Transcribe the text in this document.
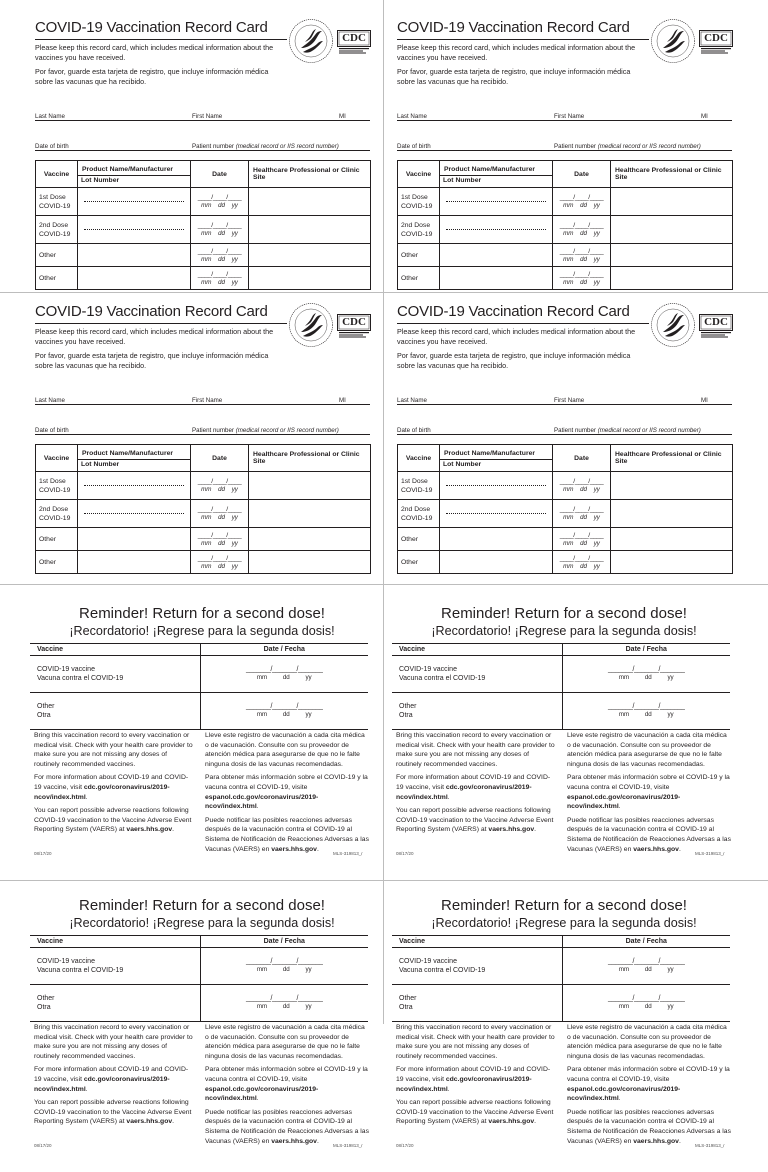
COVID-19 Vaccination Record Card
Please keep this record card, which includes medical information about the vaccines you have received.
Por favor, guarde esta tarjeta de registro, que incluye información médica sobre las vacunas que ha recibido.
CDC
Last Name	First Name	MI
Date of birth	Patient number (medical record or IIS record number)
Vaccine	Product Name/Manufacturer
Lot Number	Date	Healthcare Professional or Clinic Site

1st Dose
COVID-19		____/____/____
mm dd yy	

2nd Dose
COVID-19		____/____/____
mm dd yy	

Other		____/____/____
mm dd yy	

Other		____/____/____
mm dd yy	

COVID-19 Vaccination Record Card
Please keep this record card, which includes medical information about the vaccines you have received.
Por favor, guarde esta tarjeta de registro, que incluye información médica sobre las vacunas que ha recibido.
CDC
Last Name	First Name	MI
Date of birth	Patient number (medical record or IIS record number)
Vaccine	Product Name/Manufacturer
Lot Number	Date	Healthcare Professional or Clinic Site

1st Dose
COVID-19		____/____/____
mm dd yy	

2nd Dose
COVID-19		____/____/____
mm dd yy	

Other		____/____/____
mm dd yy	

Other		____/____/____
mm dd yy	

COVID-19 Vaccination Record Card
Please keep this record card, which includes medical information about the vaccines you have received.
Por favor, guarde esta tarjeta de registro, que incluye información médica sobre las vacunas que ha recibido.
CDC
Last Name	First Name	MI
Date of birth	Patient number (medical record or IIS record number)
Vaccine	Product Name/Manufacturer
Lot Number	Date	Healthcare Professional or Clinic Site

1st Dose
COVID-19		____/____/____
mm dd yy	

2nd Dose
COVID-19		____/____/____
mm dd yy	

Other		____/____/____
mm dd yy	

Other		____/____/____
mm dd yy	

COVID-19 Vaccination Record Card
Please keep this record card, which includes medical information about the vaccines you have received.
Por favor, guarde esta tarjeta de registro, que incluye información médica sobre las vacunas que ha recibido.
CDC
Last Name	First Name	MI
Date of birth	Patient number (medical record or IIS record number)
Vaccine	Product Name/Manufacturer
Lot Number	Date	Healthcare Professional or Clinic Site

1st Dose
COVID-19		____/____/____
mm dd yy	

2nd Dose
COVID-19		____/____/____
mm dd yy	

Other		____/____/____
mm dd yy	

Other		____/____/____
mm dd yy	

Reminder! Return for a second dose!
¡Recordatorio! ¡Regrese para la segunda dosis!
Vaccine	Date / Fecha

COVID-19 vaccine
Vacuna contra el COVID-19	_______/_______/_______
mm dd yy

Other
Otra	_______/_______/_______
mm dd yy

Bring this vaccination record to every vaccination or medical visit. Check with your health care provider to make sure you are not missing any doses of routinely recommended vaccines.

For more information about COVID-19 and COVID-19 vaccine, visit cdc.gov/coronavirus/2019-ncov/index.html.

You can report possible adverse reactions following COVID-19 vaccination to the Vaccine Adverse Event Reporting System (VAERS) at vaers.hhs.gov.

Lleve este registro de vacunación a cada cita médica o de vacunación. Consulte con su proveedor de atención médica para asegurarse de que no le falte ninguna dosis de las vacunas recomendadas.

Para obtener más información sobre el COVID-19 y la vacuna contra el COVID-19, visite espanol.cdc.gov/coronavirus/2019-ncov/index.html.

Puede notificar las posibles reacciones adversas después de la vacunación contra el COVID-19 al Sistema de Notificación de Reacciones Adversas a las Vacunas (VAERS) en vaers.hhs.gov.

08/17/20	MLS-319813_r
Reminder! Return for a second dose!
¡Recordatorio! ¡Regrese para la segunda dosis!
Vaccine	Date / Fecha

COVID-19 vaccine
Vacuna contra el COVID-19	_______/_______/_______
mm dd yy

Other
Otra	_______/_______/_______
mm dd yy

Bring this vaccination record to every vaccination or medical visit. Check with your health care provider to make sure you are not missing any doses of routinely recommended vaccines.

For more information about COVID-19 and COVID-19 vaccine, visit cdc.gov/coronavirus/2019-ncov/index.html.

You can report possible adverse reactions following COVID-19 vaccination to the Vaccine Adverse Event Reporting System (VAERS) at vaers.hhs.gov.

Lleve este registro de vacunación a cada cita médica o de vacunación. Consulte con su proveedor de atención médica para asegurarse de que no le falte ninguna dosis de las vacunas recomendadas.

Para obtener más información sobre el COVID-19 y la vacuna contra el COVID-19, visite espanol.cdc.gov/coronavirus/2019-ncov/index.html.

Puede notificar las posibles reacciones adversas después de la vacunación contra el COVID-19 al Sistema de Notificación de Reacciones Adversas a las Vacunas (VAERS) en vaers.hhs.gov.

08/17/20	MLS-319813_r
Reminder! Return for a second dose!
¡Recordatorio! ¡Regrese para la segunda dosis!
Vaccine	Date / Fecha

COVID-19 vaccine
Vacuna contra el COVID-19	_______/_______/_______
mm dd yy

Other
Otra	_______/_______/_______
mm dd yy

Bring this vaccination record to every vaccination or medical visit. Check with your health care provider to make sure you are not missing any doses of routinely recommended vaccines.

For more information about COVID-19 and COVID-19 vaccine, visit cdc.gov/coronavirus/2019-ncov/index.html.

You can report possible adverse reactions following COVID-19 vaccination to the Vaccine Adverse Event Reporting System (VAERS) at vaers.hhs.gov.

Lleve este registro de vacunación a cada cita médica o de vacunación. Consulte con su proveedor de atención médica para asegurarse de que no le falte ninguna dosis de las vacunas recomendadas.

Para obtener más información sobre el COVID-19 y la vacuna contra el COVID-19, visite espanol.cdc.gov/coronavirus/2019-ncov/index.html.

Puede notificar las posibles reacciones adversas después de la vacunación contra el COVID-19 al Sistema de Notificación de Reacciones Adversas a las Vacunas (VAERS) en vaers.hhs.gov.

08/17/20	MLS-319813_r
Reminder! Return for a second dose!
¡Recordatorio! ¡Regrese para la segunda dosis!
Vaccine	Date / Fecha

COVID-19 vaccine
Vacuna contra el COVID-19	_______/_______/_______
mm dd yy

Other
Otra	_______/_______/_______
mm dd yy

Bring this vaccination record to every vaccination or medical visit. Check with your health care provider to make sure you are not missing any doses of routinely recommended vaccines.

For more information about COVID-19 and COVID-19 vaccine, visit cdc.gov/coronavirus/2019-ncov/index.html.

You can report possible adverse reactions following COVID-19 vaccination to the Vaccine Adverse Event Reporting System (VAERS) at vaers.hhs.gov.

Lleve este registro de vacunación a cada cita médica o de vacunación. Consulte con su proveedor de atención médica para asegurarse de que no le falte ninguna dosis de las vacunas recomendadas.

Para obtener más información sobre el COVID-19 y la vacuna contra el COVID-19, visite espanol.cdc.gov/coronavirus/2019-ncov/index.html.

Puede notificar las posibles reacciones adversas después de la vacunación contra el COVID-19 al Sistema de Notificación de Reacciones Adversas a las Vacunas (VAERS) en vaers.hhs.gov.

08/17/20	MLS-319813_r
